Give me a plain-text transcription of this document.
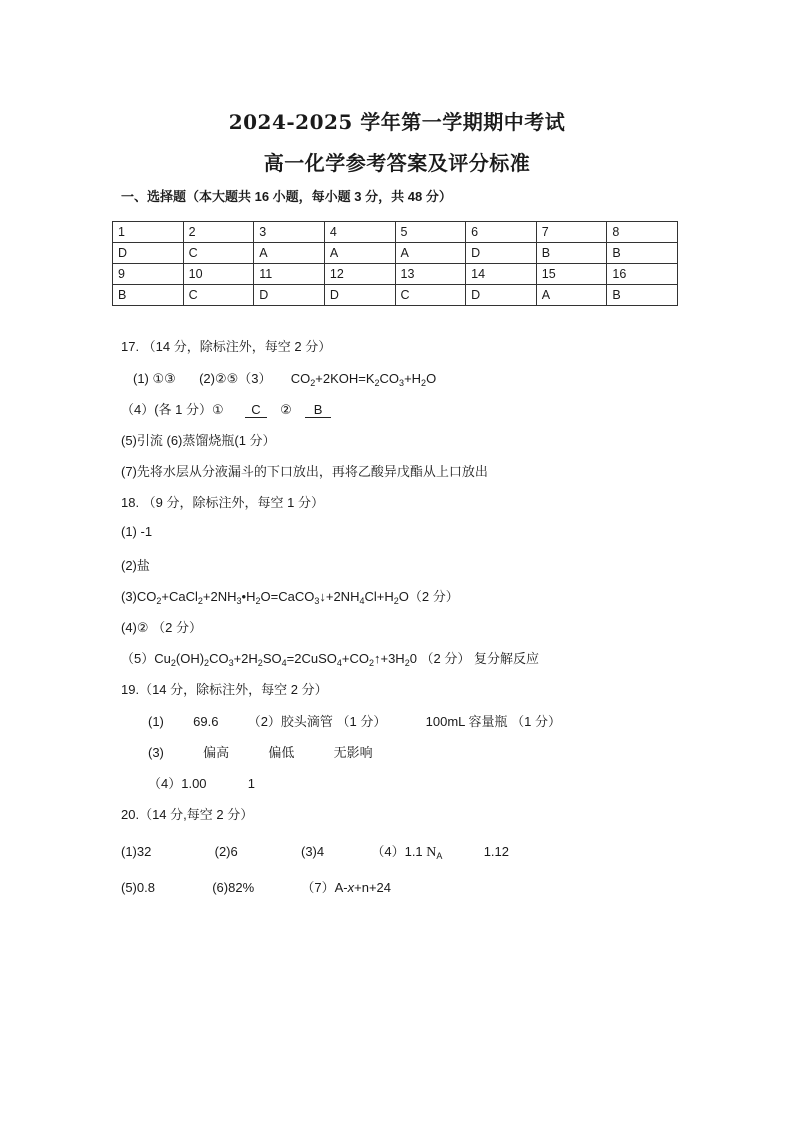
2024-2025 学年第一学期期中考试
高一化学参考答案及评分标准
一、选择题（本大题共 16 小题，每小题 3 分，共 48 分）
1	2	3	4	5	6	7	8
D	C	A	A	A	D	B	B
9	10	11	12	13	14	15	16
B	C	D	D	C	D	A	B
17. （14 分，除标注外，每空 2 分）
(1) ①③ (2)②⑤（3） $CO_2+2KOH=K_2CO_3+H_2O$
（4）(各 1 分）① C ② B
(5)引流 (6)蒸馏烧瓶(1 分）
(7)先将水层从分液漏斗的下口放出，再将乙酸异戊酯从上口放出
18. （9 分，除标注外，每空 1 分）
(1) -1
(2)盐
$(3)CO_2+CaCl_2+2NH_3•H_2O=CaCO_3↓+2NH_4Cl+H_2O(2$ 分）
(4)② （2 分）
$(5)Cu_2(OH)_2CO_3+2H_2SO_4=2CuSO_4+CO_2↑+3H_20$ （2 分） 复分解反应
19.（14 分，除标注外，每空 2 分）
(1) 69.6 （2）胶头滴管 （1 分）	100mL 容量瓶 （1 分）
(3)	偏高	偏低	无影响
（4）1.00	1
20.（14 分,每空 2 分）
(1)32	(2)6	(3)4	（4）1.1 $N_A$	1.12
(5)0.8	(6)82%	（7）A-x+n+24
